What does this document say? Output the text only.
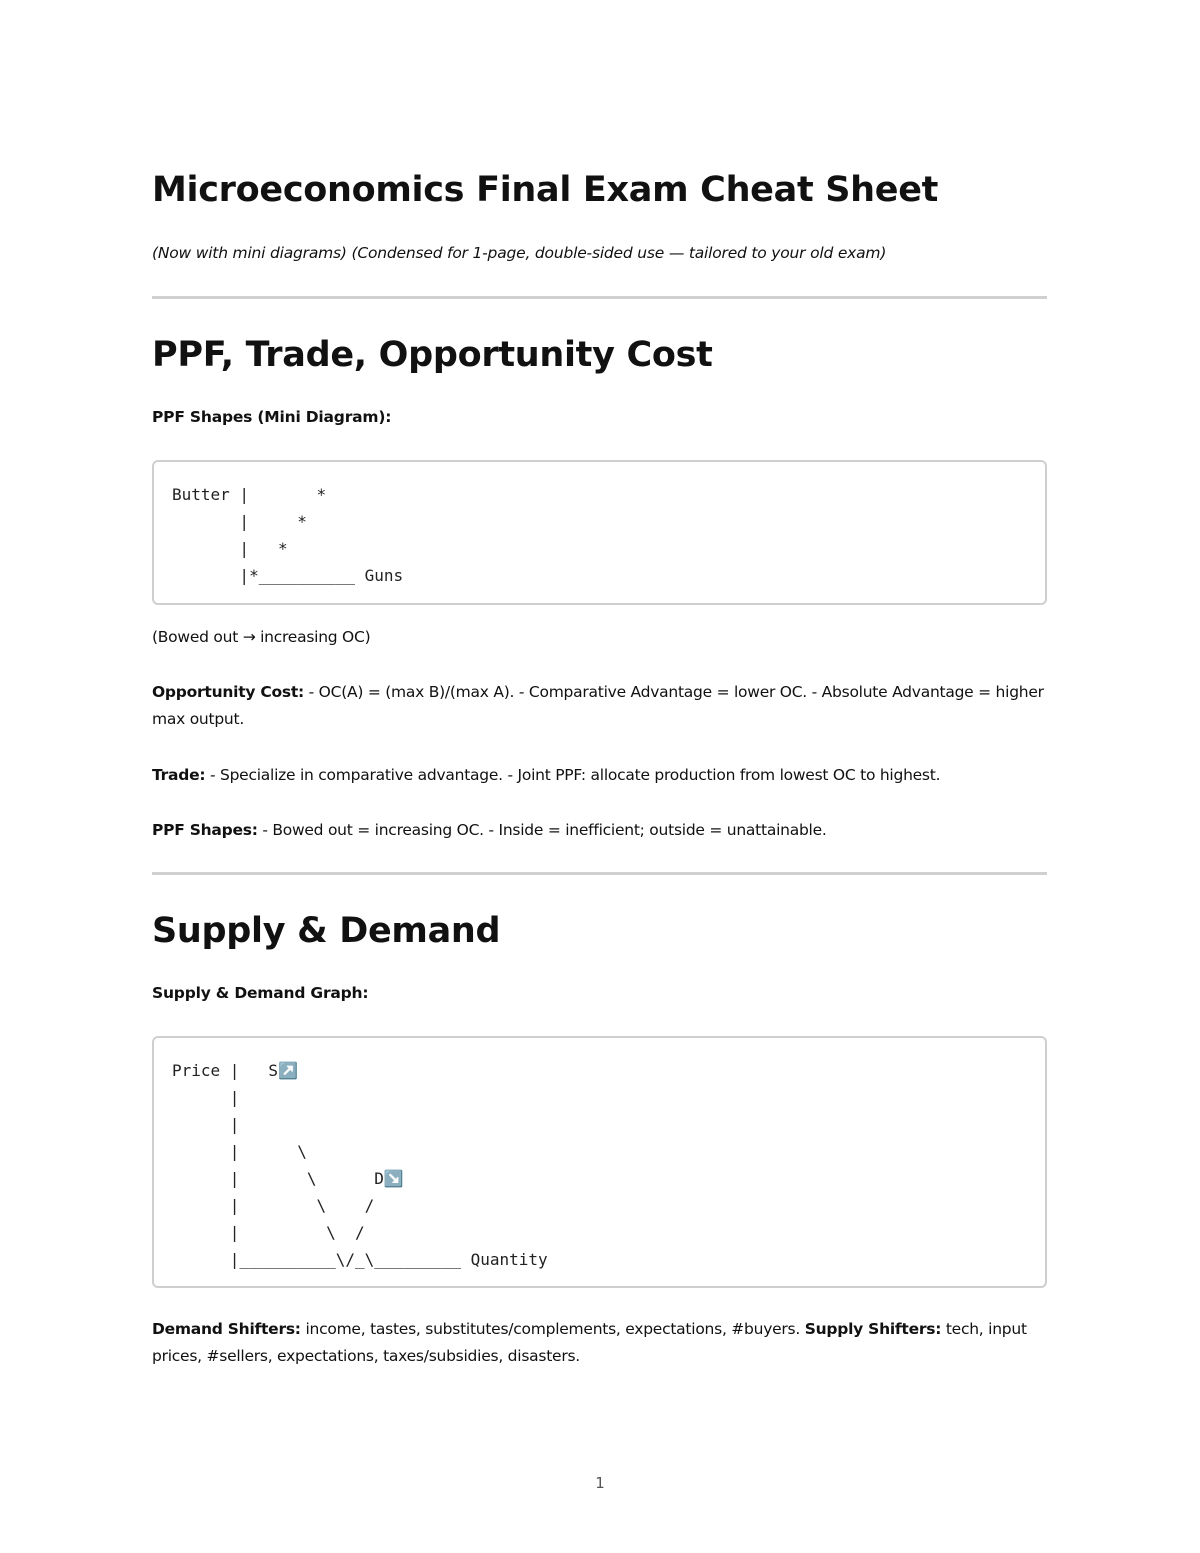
Microeconomics Final Exam Cheat Sheet

(Now with mini diagrams) (Condensed for 1-page, double-sided use — tailored to your old exam)

PPF, Trade, Opportunity Cost

PPF Shapes (Mini Diagram):

Butter |       *
|     *
|   *
|*__________ Guns

(Bowed out → increasing OC)

Opportunity Cost: - OC(A) = (max B)/(max A). - Comparative Advantage = lower OC. - Absolute Advantage = higher max output.

Trade: - Specialize in comparative advantage. - Joint PPF: allocate production from lowest OC to highest.

PPF Shapes: - Bowed out = increasing OC. - Inside = inefficient; outside = unattainable.

Supply & Demand

Supply & Demand Graph:

Price |   S↗️
|
|
|      \
|       \      D↘️
|        \    /
|         \  /
|__________\/_\_________ Quantity

Demand Shifters: income, tastes, substitutes/complements, expectations, #buyers. Supply Shifters: tech, input prices, #sellers, expectations, taxes/subsidies, disasters.

1
